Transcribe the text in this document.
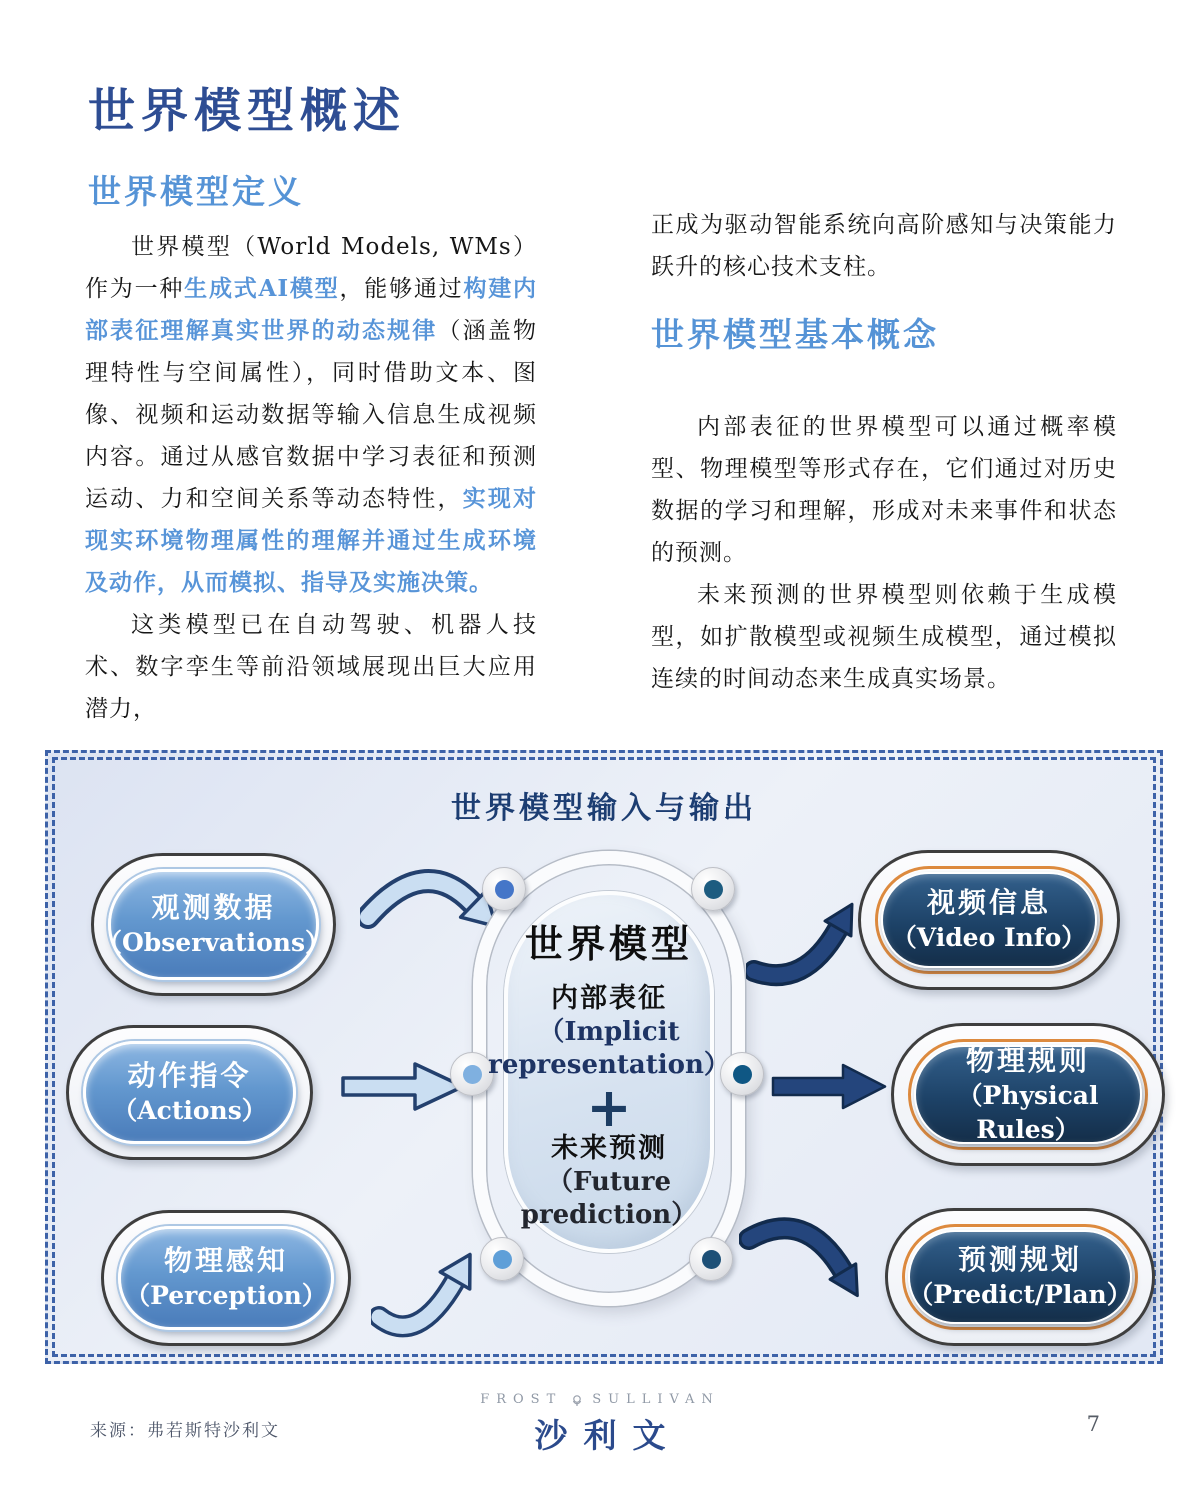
世界模型概述
世界模型定义

世界模型（World Models, WMs）作为一种生成式AI模型，能够通过构建内部表征理解真实世界的动态规律（涵盖物理特性与空间属性），同时借助文本、图像、视频和运动数据等输入信息生成视频内容。通过从感官数据中学习表征和预测运动、力和空间关系等动态特性，实现对现实环境物理属性的理解并通过生成环境及动作，从而模拟、指导及实施决策。

这类模型已在自动驾驶、机器人技术、数字孪生等前沿领域展现出巨大应用潜力，

正成为驱动智能系统向高阶感知与决策能力跃升的核心技术支柱。

世界模型基本概念

内部表征的世界模型可以通过概率模型、物理模型等形式存在，它们通过对历史数据的学习和理解，形成对未来事件和状态的预测。

未来预测的世界模型则依赖于生成模型，如扩散模型或视频生成模型，通过模拟连续的时间动态来生成真实场景。

世界模型输入与输出
观测数据
（Observations）
动作指令
（Actions）
物理感知
（Perception）
世界模型
内部表征
（Implicit representation）
+
未来预测
（Future prediction）
视频信息
（Video Info）
物理规则
（Physical Rules）
预测规划
（Predict/Plan）
来源：弗若斯特沙利文
FROST SULLIVAN
沙利文	7
